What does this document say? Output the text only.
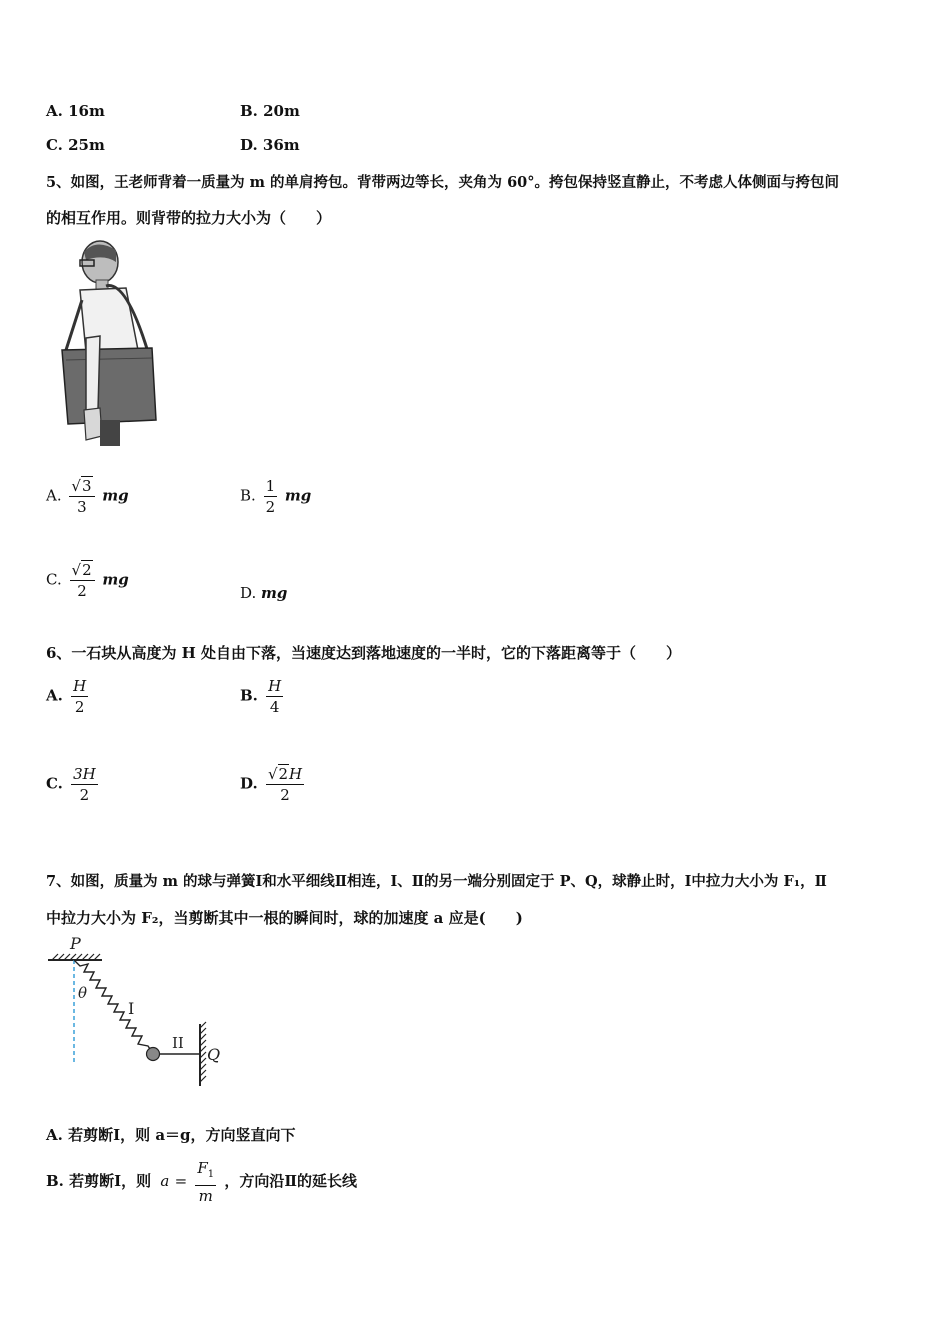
A. 16m	B. 20m
C. 25m	D. 36m
5、如图，王老师背着一质量为 m 的单肩挎包。背带两边等长，夹角为 60°。挎包保持竖直静止，不考虑人体侧面与挎包间
的相互作用。则背带的拉力大小为（　　）
A. $\frac{√3}{3}$ mg	B. $\frac{1}{2}$ mg
C. $\frac{√2}{2}$ mg
D. mg
6、一石块从高度为 H 处自由下落，当速度达到落地速度的一半时，它的下落距离等于（　　）
A. $\frac{H}{2}$	B. $\frac{H}{4}$
C. $\frac{3H}{2}$	D. $\frac{√2H}{2}$
7、如图，质量为 m 的球与弹簧Ⅰ和水平细线Ⅱ相连，Ⅰ、Ⅱ的另一端分别固定于 P、Q，球静止时，Ⅰ中拉力大小为 F₁，Ⅱ
中拉力大小为 F₂，当剪断其中一根的瞬间时，球的加速度 a 应是(　　)
P
θ
I
II
Q
A. 若剪断Ⅰ，则 a＝g，方向竖直向下
B. 若剪断Ⅰ，则 $a = \frac{F_1}{m}$ ，方向沿Ⅱ的延长线
